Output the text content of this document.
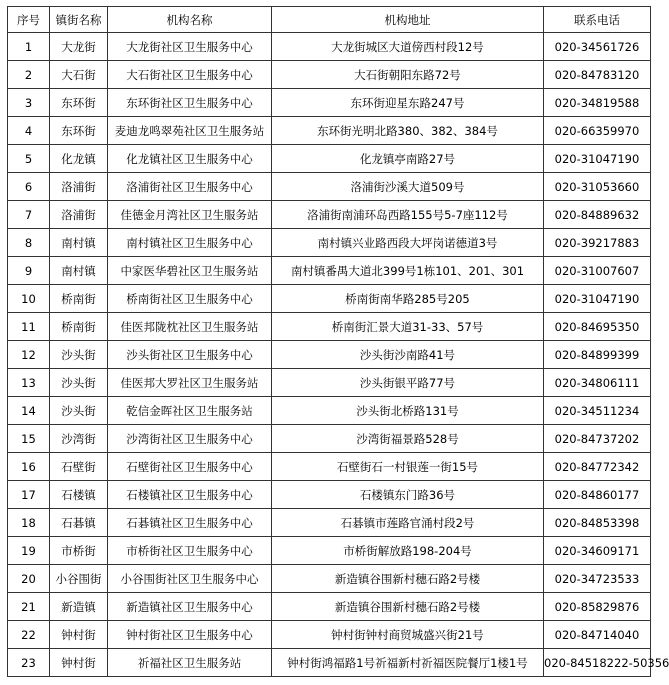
序号	镇街名称	机构名称	机构地址	联系电话
1	大龙街	大龙街社区卫生服务中心	大龙街城区大道傍西村段12号	020-34561726
2	大石街	大石街社区卫生服务中心	大石街朝阳东路72号	020-84783120
3	东环街	东环街社区卫生服务中心	东环街迎星东路247号	020-34819588
4	东环街	麦迪龙鸣翠苑社区卫生服务站	东环街光明北路380、382、384号	020-66359970
5	化龙镇	化龙镇社区卫生服务中心	化龙镇亭南路27号	020-31047190
6	洛浦街	洛浦街社区卫生服务中心	洛浦街沙溪大道509号	020-31053660
7	洛浦街	佳德金月湾社区卫生服务站	洛浦街南浦环岛西路155号5-7座112号	020-84889632
8	南村镇	南村镇社区卫生服务中心	南村镇兴业路西段大坪岗诺德道3号	020-39217883
9	南村镇	中家医华碧社区卫生服务站	南村镇番禺大道北399号1栋101、201、301	020-31007607
10	桥南街	桥南街社区卫生服务中心	桥南街南华路285号205	020-31047190
11	桥南街	佳医邦陇枕社区卫生服务站	桥南街汇景大道31-33、57号	020-84695350
12	沙头街	沙头街社区卫生服务中心	沙头街沙南路41号	020-84899399
13	沙头街	佳医邦大罗社区卫生服务站	沙头街银平路77号	020-34806111
14	沙头街	乾信金晖社区卫生服务站	沙头街北桥路131号	020-34511234
15	沙湾街	沙湾街社区卫生服务中心	沙湾街福景路528号	020-84737202
16	石壁街	石壁街社区卫生服务中心	石壁街石一村银莲一街15号	020-84772342
17	石楼镇	石楼镇社区卫生服务中心	石楼镇东门路36号	020-84860177
18	石碁镇	石碁镇社区卫生服务中心	石碁镇市莲路官涌村段2号	020-84853398
19	市桥街	市桥街社区卫生服务中心	市桥街解放路198-204号	020-34609171
20	小谷围街	小谷围街社区卫生服务中心	新造镇谷围新村穗石路2号楼	020-34723533
21	新造镇	新造镇社区卫生服务中心	新造镇谷围新村穗石路2号楼	020-85829876
22	钟村街	钟村街社区卫生服务中心	钟村街钟村商贸城盛兴街21号	020-84714040
23	钟村街	祈福社区卫生服务站	钟村街鸿福路1号祈福新村祈福医院餐厅1楼1号	020-84518222-50356
